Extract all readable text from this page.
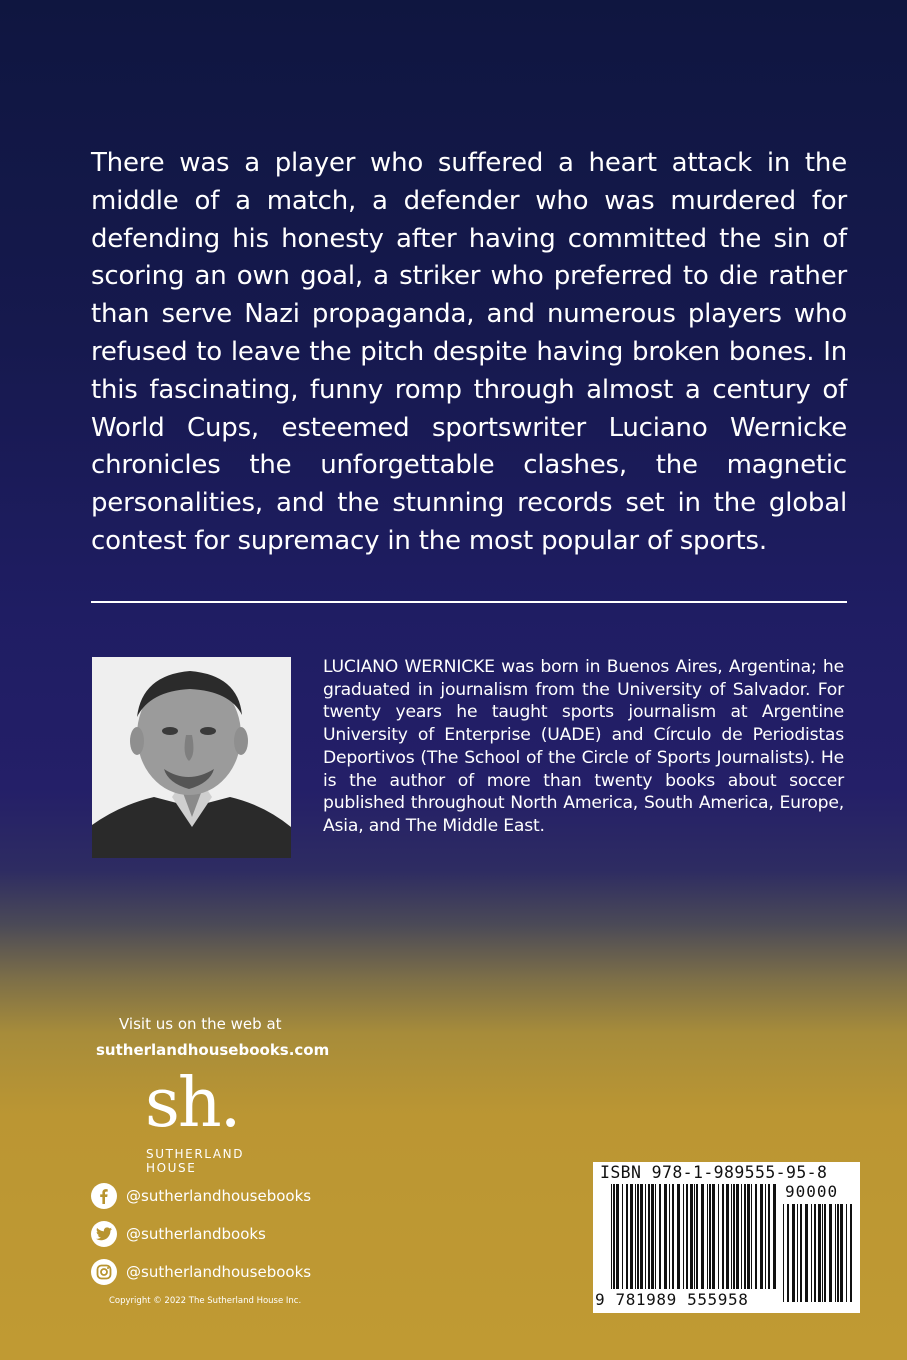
There was a player who suffered a heart attack in the middle of a match, a defender who was murdered for defending his honesty after having committed the sin of scoring an own goal, a striker who preferred to die rather than serve Nazi propaganda, and numerous players who refused to leave the pitch despite having broken bones. In this fascinating, funny romp through almost a century of World Cups, esteemed sportswriter Luciano Wernicke chronicles the unforgettable clashes, the magnetic personalities, and the stunning records set in the global contest for supremacy in the most popular of sports.
LUCIANO WERNICKE was born in Buenos Aires, Argentina; he graduated in journalism from the University of Salvador. For twenty years he taught sports journalism at Argentine University of Enterprise (UADE) and Círculo de Periodistas Deportivos (The School of the Circle of Sports Journalists). He is the author of more than twenty books about soccer published throughout North America, South America, Europe, Asia, and The Middle East.
Visit us on the web at
sutherlandhousebooks.com
sh.
SUTHERLAND
HOUSE
@sutherlandhousebooks
@sutherlandbooks
@sutherlandhousebooks
Copyright © 2022 The Sutherland House Inc.
ISBN 978-1-989555-95-8
90000
9 781989 555958
